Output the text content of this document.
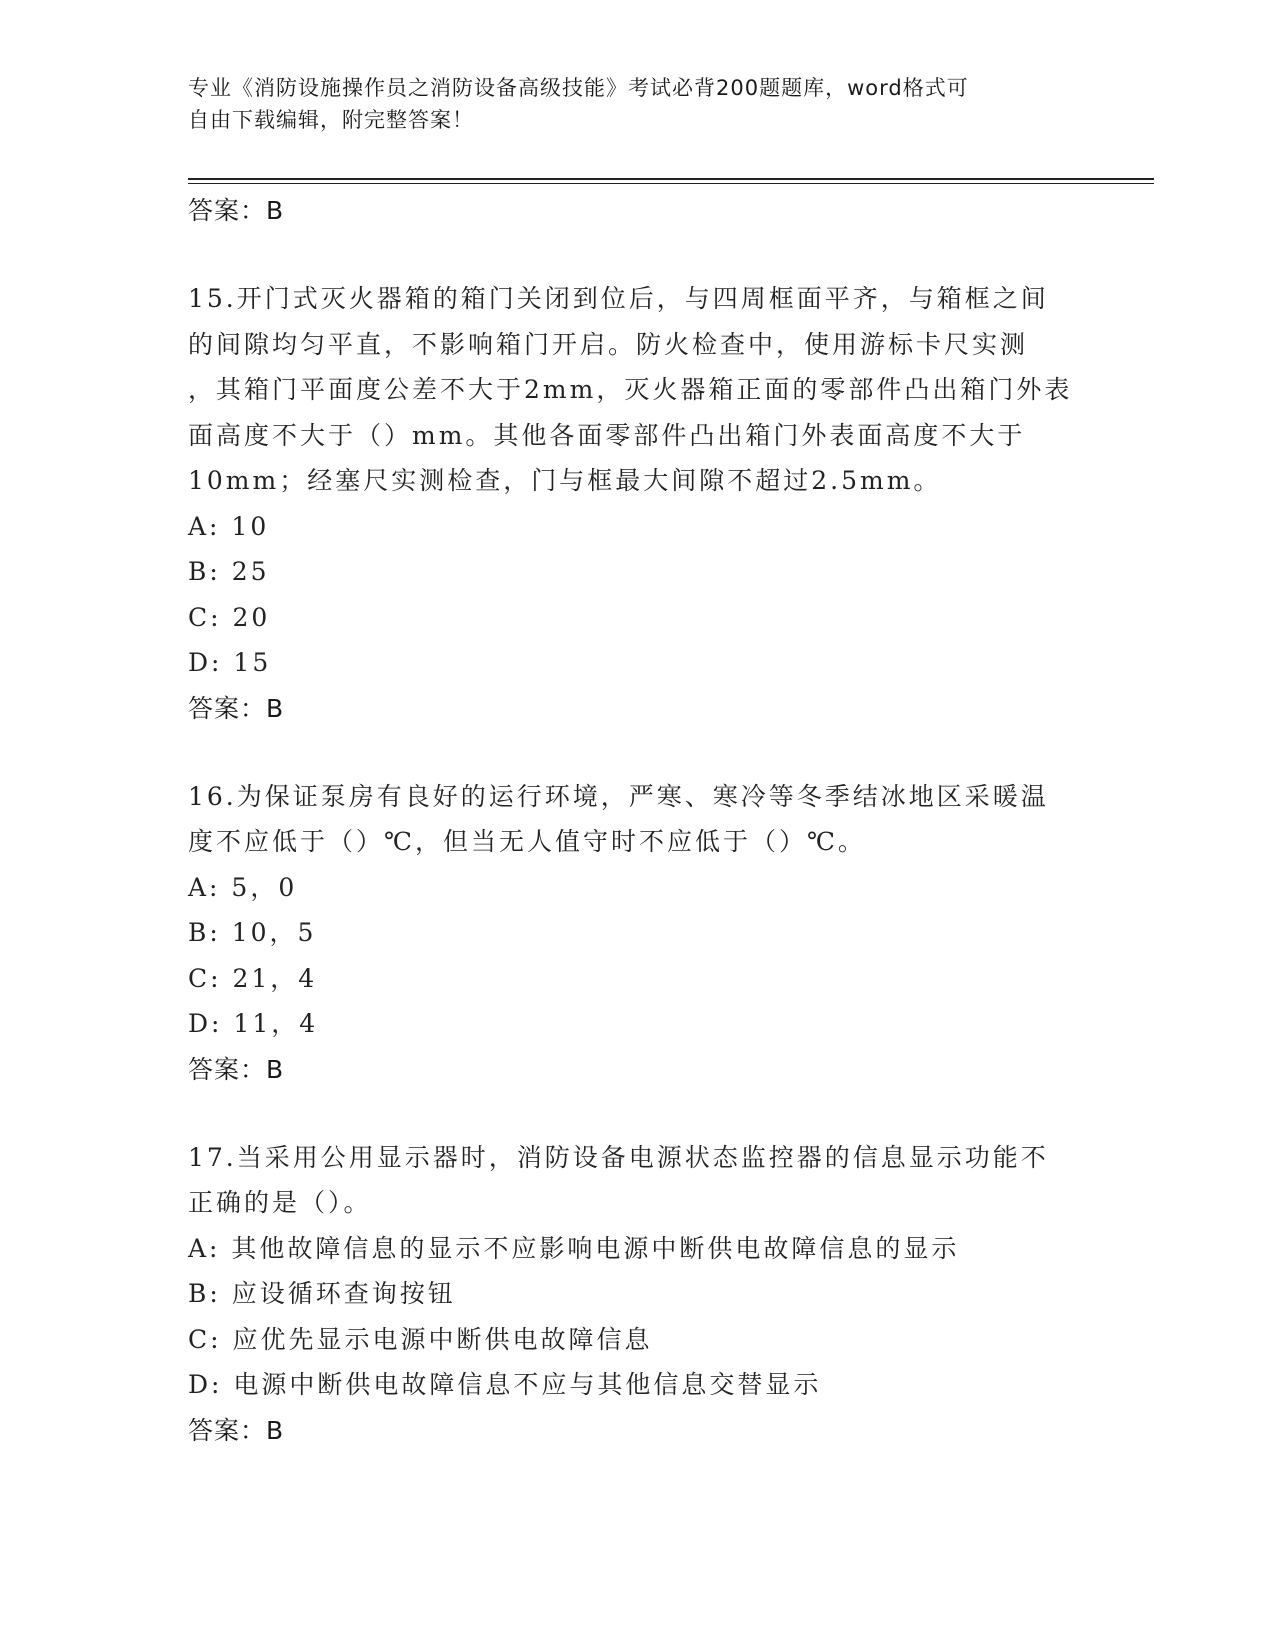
专业《消防设施操作员之消防设备高级技能》考试必背200题题库，word格式可
自由下载编辑，附完整答案！
答案：B
15.开门式灭火器箱的箱门关闭到位后，与四周框面平齐，与箱框之间
的间隙均匀平直，不影响箱门开启。防火检查中，使用游标卡尺实测
，其箱门平面度公差不大于2mm，灭火器箱正面的零部件凸出箱门外表
面高度不大于（）mm。其他各面零部件凸出箱门外表面高度不大于
10mm；经塞尺实测检查，门与框最大间隙不超过2.5mm。
A: 10
B: 25
C: 20
D: 15
答案：B
16.为保证泵房有良好的运行环境，严寒、寒冷等冬季结冰地区采暖温
度不应低于（）℃，但当无人值守时不应低于（）℃。
A: 5，0
B: 10，5
C: 21，4
D: 11，4
答案：B
17.当采用公用显示器时，消防设备电源状态监控器的信息显示功能不
正确的是（）。
A: 其他故障信息的显示不应影响电源中断供电故障信息的显示
B: 应设循环查询按钮
C: 应优先显示电源中断供电故障信息
D: 电源中断供电故障信息不应与其他信息交替显示
答案：B
